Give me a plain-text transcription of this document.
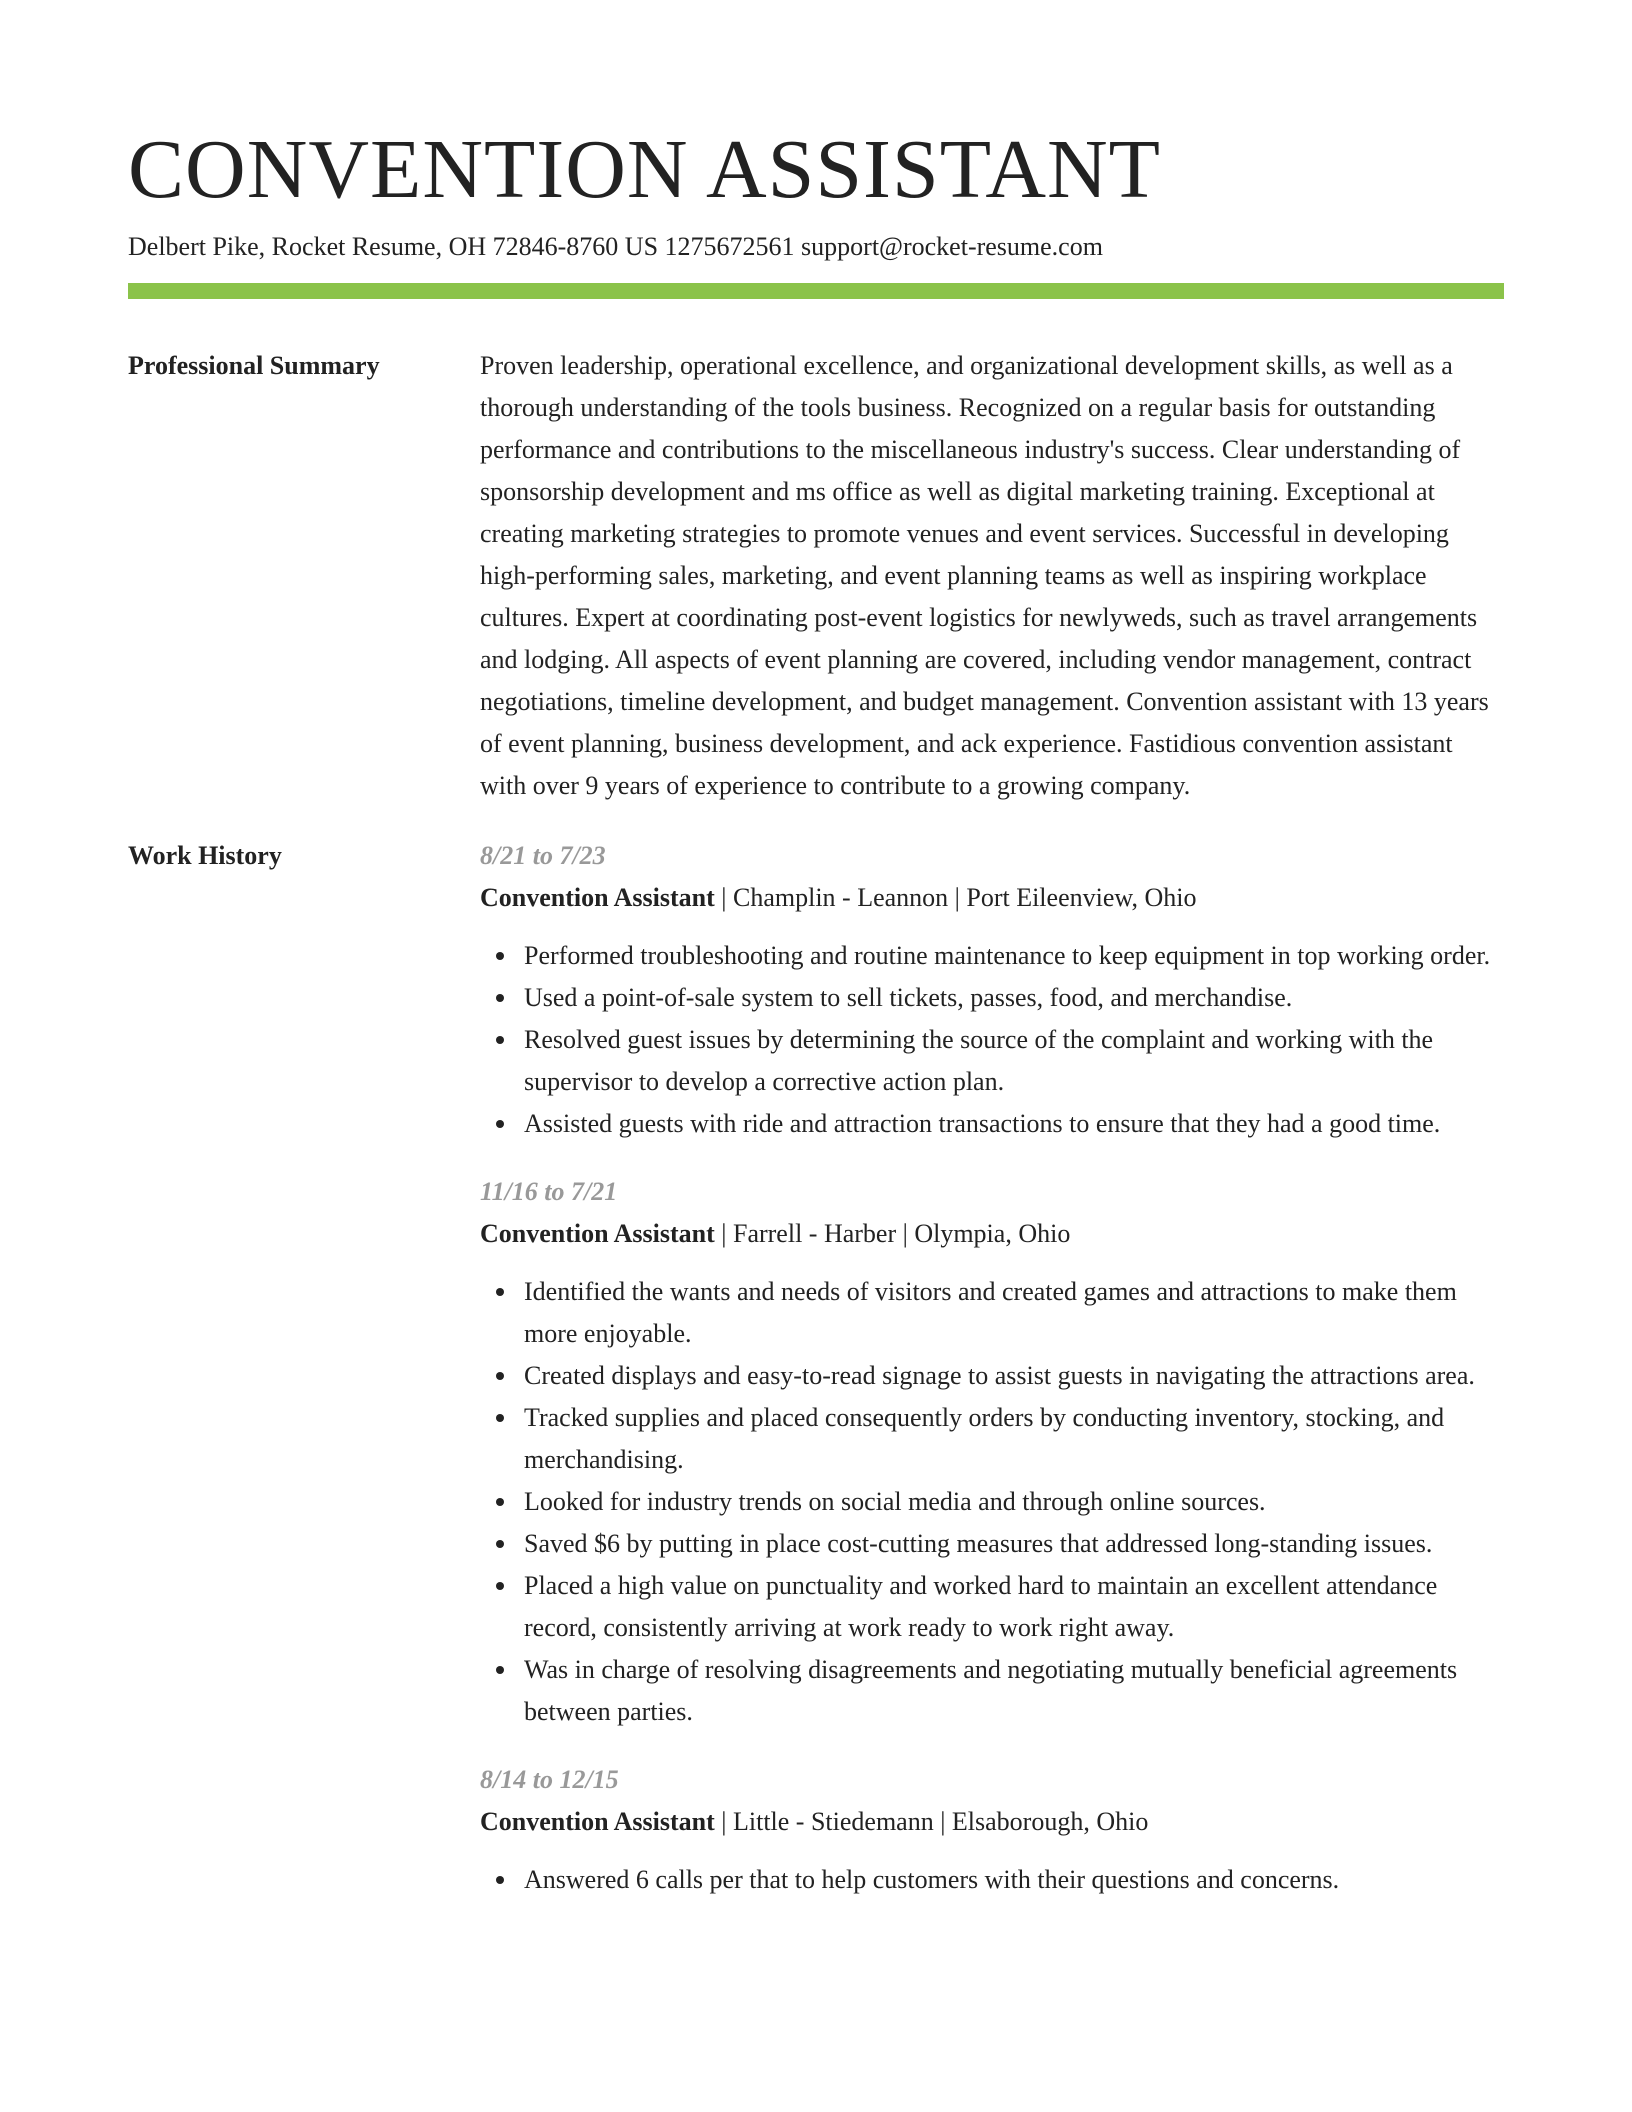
CONVENTION ASSISTANT
Delbert Pike, Rocket Resume, OH 72846-8760 US 1275672561 support@rocket-resume.com
Professional Summary	Proven leadership, operational excellence, and organizational development skills, as well as a thorough understanding of the tools business. Recognized on a regular basis for outstanding performance and contributions to the miscellaneous industry's success. Clear understanding of sponsorship development and ms office as well as digital marketing training. Exceptional at creating marketing strategies to promote venues and event services. Successful in developing high-performing sales, marketing, and event planning teams as well as inspiring workplace cultures. Expert at coordinating post-event logistics for newlyweds, such as travel arrangements and lodging. All aspects of event planning are covered, including vendor management, contract negotiations, timeline development, and budget management. Convention assistant with 13 years of event planning, business development, and ack experience. Fastidious convention assistant with over 9 years of experience to contribute to a growing company.

Work History	8/21 to 7/23
Convention Assistant | Champlin - Leannon | Port Eileenview, Ohio
Performed troubleshooting and routine maintenance to keep equipment in top working order.
Used a point-of-sale system to sell tickets, passes, food, and merchandise.
Resolved guest issues by determining the source of the complaint and working with the supervisor to develop a corrective action plan.
Assisted guests with ride and attraction transactions to ensure that they had a good time.
11/16 to 7/21
Convention Assistant | Farrell - Harber | Olympia, Ohio
Identified the wants and needs of visitors and created games and attractions to make them more enjoyable.
Created displays and easy-to-read signage to assist guests in navigating the attractions area.
Tracked supplies and placed consequently orders by conducting inventory, stocking, and merchandising.
Looked for industry trends on social media and through online sources.
Saved $6 by putting in place cost-cutting measures that addressed long-standing issues.
Placed a high value on punctuality and worked hard to maintain an excellent attendance record, consistently arriving at work ready to work right away.
Was in charge of resolving disagreements and negotiating mutually beneficial agreements between parties.
8/14 to 12/15
Convention Assistant | Little - Stiedemann | Elsaborough, Ohio
Answered 6 calls per that to help customers with their questions and concerns.
